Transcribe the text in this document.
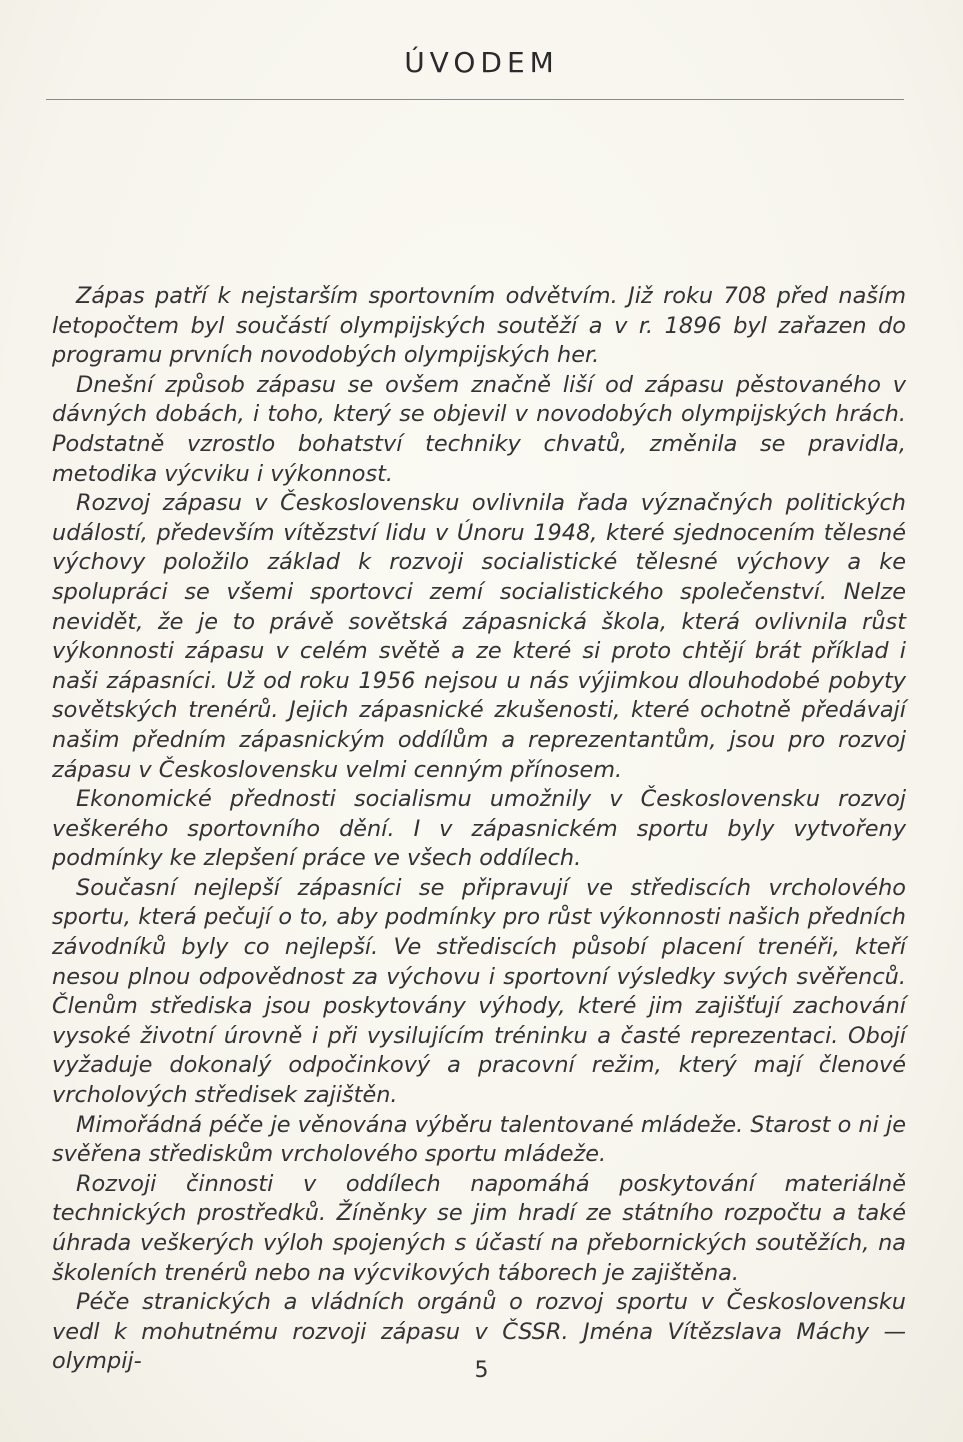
ÚVODEM

Zápas patří k nejstarším sportovním odvětvím. Již roku 708 před naším letopočtem byl součástí olympijských soutěží a v r. 1896 byl zařazen do programu prvních novodobých olympijských her.

Dnešní způsob zápasu se ovšem značně liší od zápasu pěstovaného v dávných dobách, i toho, který se objevil v novodobých olympijských hrách. Podstatně vzrostlo bohatství techniky chvatů, změnila se pravidla, metodika výcviku i výkonnost.

Rozvoj zápasu v Československu ovlivnila řada význačných politických událostí, především vítězství lidu v Únoru 1948, které sjednocením tělesné výchovy položilo základ k rozvoji socialistické tělesné výchovy a ke spolupráci se všemi sportovci zemí socialistického společenství. Nelze nevidět, že je to právě sovětská zápasnická škola, která ovlivnila růst výkonnosti zápasu v celém světě a ze které si proto chtějí brát příklad i naši zápasníci. Už od roku 1956 nejsou u nás výjimkou dlouhodobé pobyty sovětských trenérů. Jejich zápasnické zkušenosti, které ochotně předávají našim předním zápasnickým oddílům a reprezentantům, jsou pro rozvoj zápasu v Československu velmi cenným přínosem.

Ekonomické přednosti socialismu umožnily v Československu rozvoj veškerého sportovního dění. I v zápasnickém sportu byly vytvořeny podmínky ke zlepšení práce ve všech oddílech.

Současní nejlepší zápasníci se připravují ve střediscích vrcholového sportu, která pečují o to, aby podmínky pro růst výkonnosti našich předních závodníků byly co nejlepší. Ve střediscích působí placení trenéři, kteří nesou plnou odpovědnost za výchovu i sportovní výsledky svých svěřenců. Členům střediska jsou poskytovány výhody, které jim zajišťují zachování vysoké životní úrovně i při vysilujícím tréninku a časté reprezentaci. Obojí vyžaduje dokonalý odpočinkový a pracovní režim, který mají členové vrcholových středisek zajištěn.

Mimořádná péče je věnována výběru talentované mládeže. Starost o ni je svěřena střediskům vrcholového sportu mládeže.

Rozvoji činnosti v oddílech napomáhá poskytování materiálně technických prostředků. Žíněnky se jim hradí ze státního rozpočtu a také úhrada veškerých výloh spojených s účastí na přebornických soutěžích, na školeních trenérů nebo na výcvikových táborech je zajištěna.

Péče stranických a vládních orgánů o rozvoj sportu v Československu vedl k mohutnému rozvoji zápasu v ČSSR. Jména Vítězslava Máchy — olympij-	5
